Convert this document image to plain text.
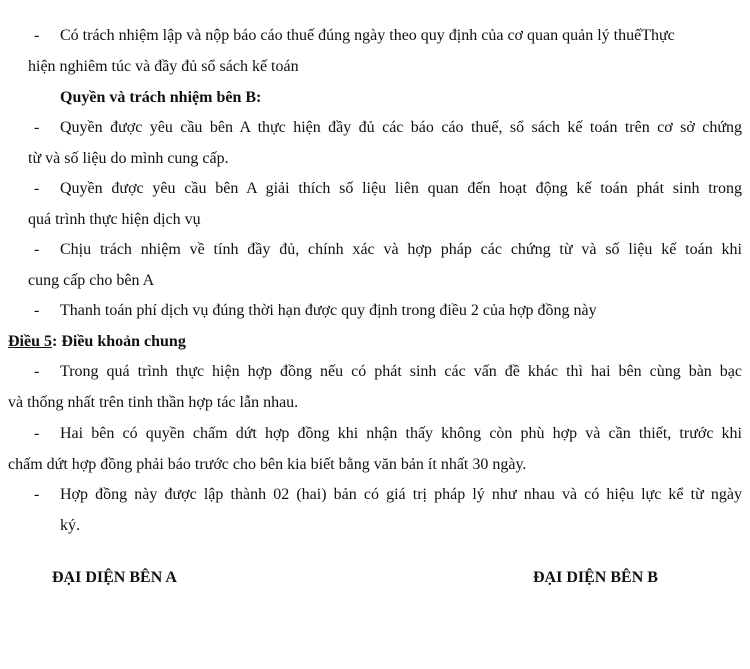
- Có trách nhiệm lập và nộp báo cáo thuế đúng ngày theo quy định của cơ quan quản lý thuếThực
hiện nghiêm túc và đầy đủ sổ sách kế toán
Quyền và trách nhiệm bên B:
- Quyền được yêu cầu bên A thực hiện đầy đủ các báo cáo thuế, sổ sách kế toán trên cơ sở chứng
từ và số liệu do mình cung cấp.
- Quyền được yêu cầu bên A giải thích số liệu liên quan đến hoạt động kế toán phát sinh trong
quá trình thực hiện dịch vụ
- Chịu trách nhiệm về tính đầy đủ, chính xác và hợp pháp các chứng từ và số liệu kế toán khi
cung cấp cho bên A
- Thanh toán phí dịch vụ đúng thời hạn được quy định trong điều 2 của hợp đồng này
Điều 5: Điều khoản chung
- Trong quá trình thực hiện hợp đồng nếu có phát sinh các vấn đề khác thì hai bên cùng bàn bạc
và thống nhất trên tinh thần hợp tác lẫn nhau.
- Hai bên có quyền chấm dứt hợp đồng khi nhận thấy không còn phù hợp và cần thiết, trước khi
chấm dứt hợp đồng phải báo trước cho bên kia biết bằng văn bản ít nhất 30 ngày.
- Hợp đồng này được lập thành 02 (hai) bản có giá trị pháp lý như nhau và có hiệu lực kể từ ngày
ký.
ĐẠI DIỆN BÊN A	ĐẠI DIỆN BÊN B
